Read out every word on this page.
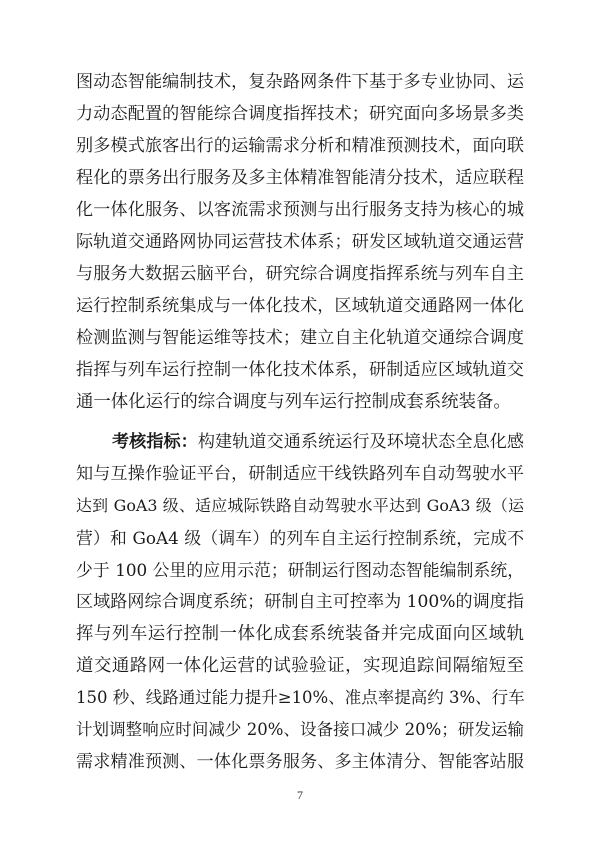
图动态智能编制技术，复杂路网条件下基于多专业协同、运
力动态配置的智能综合调度指挥技术；研究面向多场景多类
别多模式旅客出行的运输需求分析和精准预测技术，面向联
程化的票务出行服务及多主体精准智能清分技术，适应联程
化一体化服务、以客流需求预测与出行服务支持为核心的城
际轨道交通路网协同运营技术体系；研发区域轨道交通运营
与服务大数据云脑平台，研究综合调度指挥系统与列车自主
运行控制系统集成与一体化技术，区域轨道交通路网一体化
检测监测与智能运维等技术；建立自主化轨道交通综合调度
指挥与列车运行控制一体化技术体系，研制适应区域轨道交
通一体化运行的综合调度与列车运行控制成套系统装备。
考核指标：构建轨道交通系统运行及环境状态全息化感
知与互操作验证平台，研制适应干线铁路列车自动驾驶水平
达到 GoA3 级、适应城际铁路自动驾驶水平达到 GoA3 级（运
营）和 GoA4 级（调车）的列车自主运行控制系统，完成不
少于 100 公里的应用示范；研制运行图动态智能编制系统，
区域路网综合调度系统；研制自主可控率为 100%的调度指
挥与列车运行控制一体化成套系统装备并完成面向区域轨
道交通路网一体化运营的试验验证，实现追踪间隔缩短至
150 秒、线路通过能力提升≥10%、准点率提高约 3%、行车
计划调整响应时间减少 20%、设备接口减少 20%；研发运输
需求精准预测、一体化票务服务、多主体清分、智能客站服
7
